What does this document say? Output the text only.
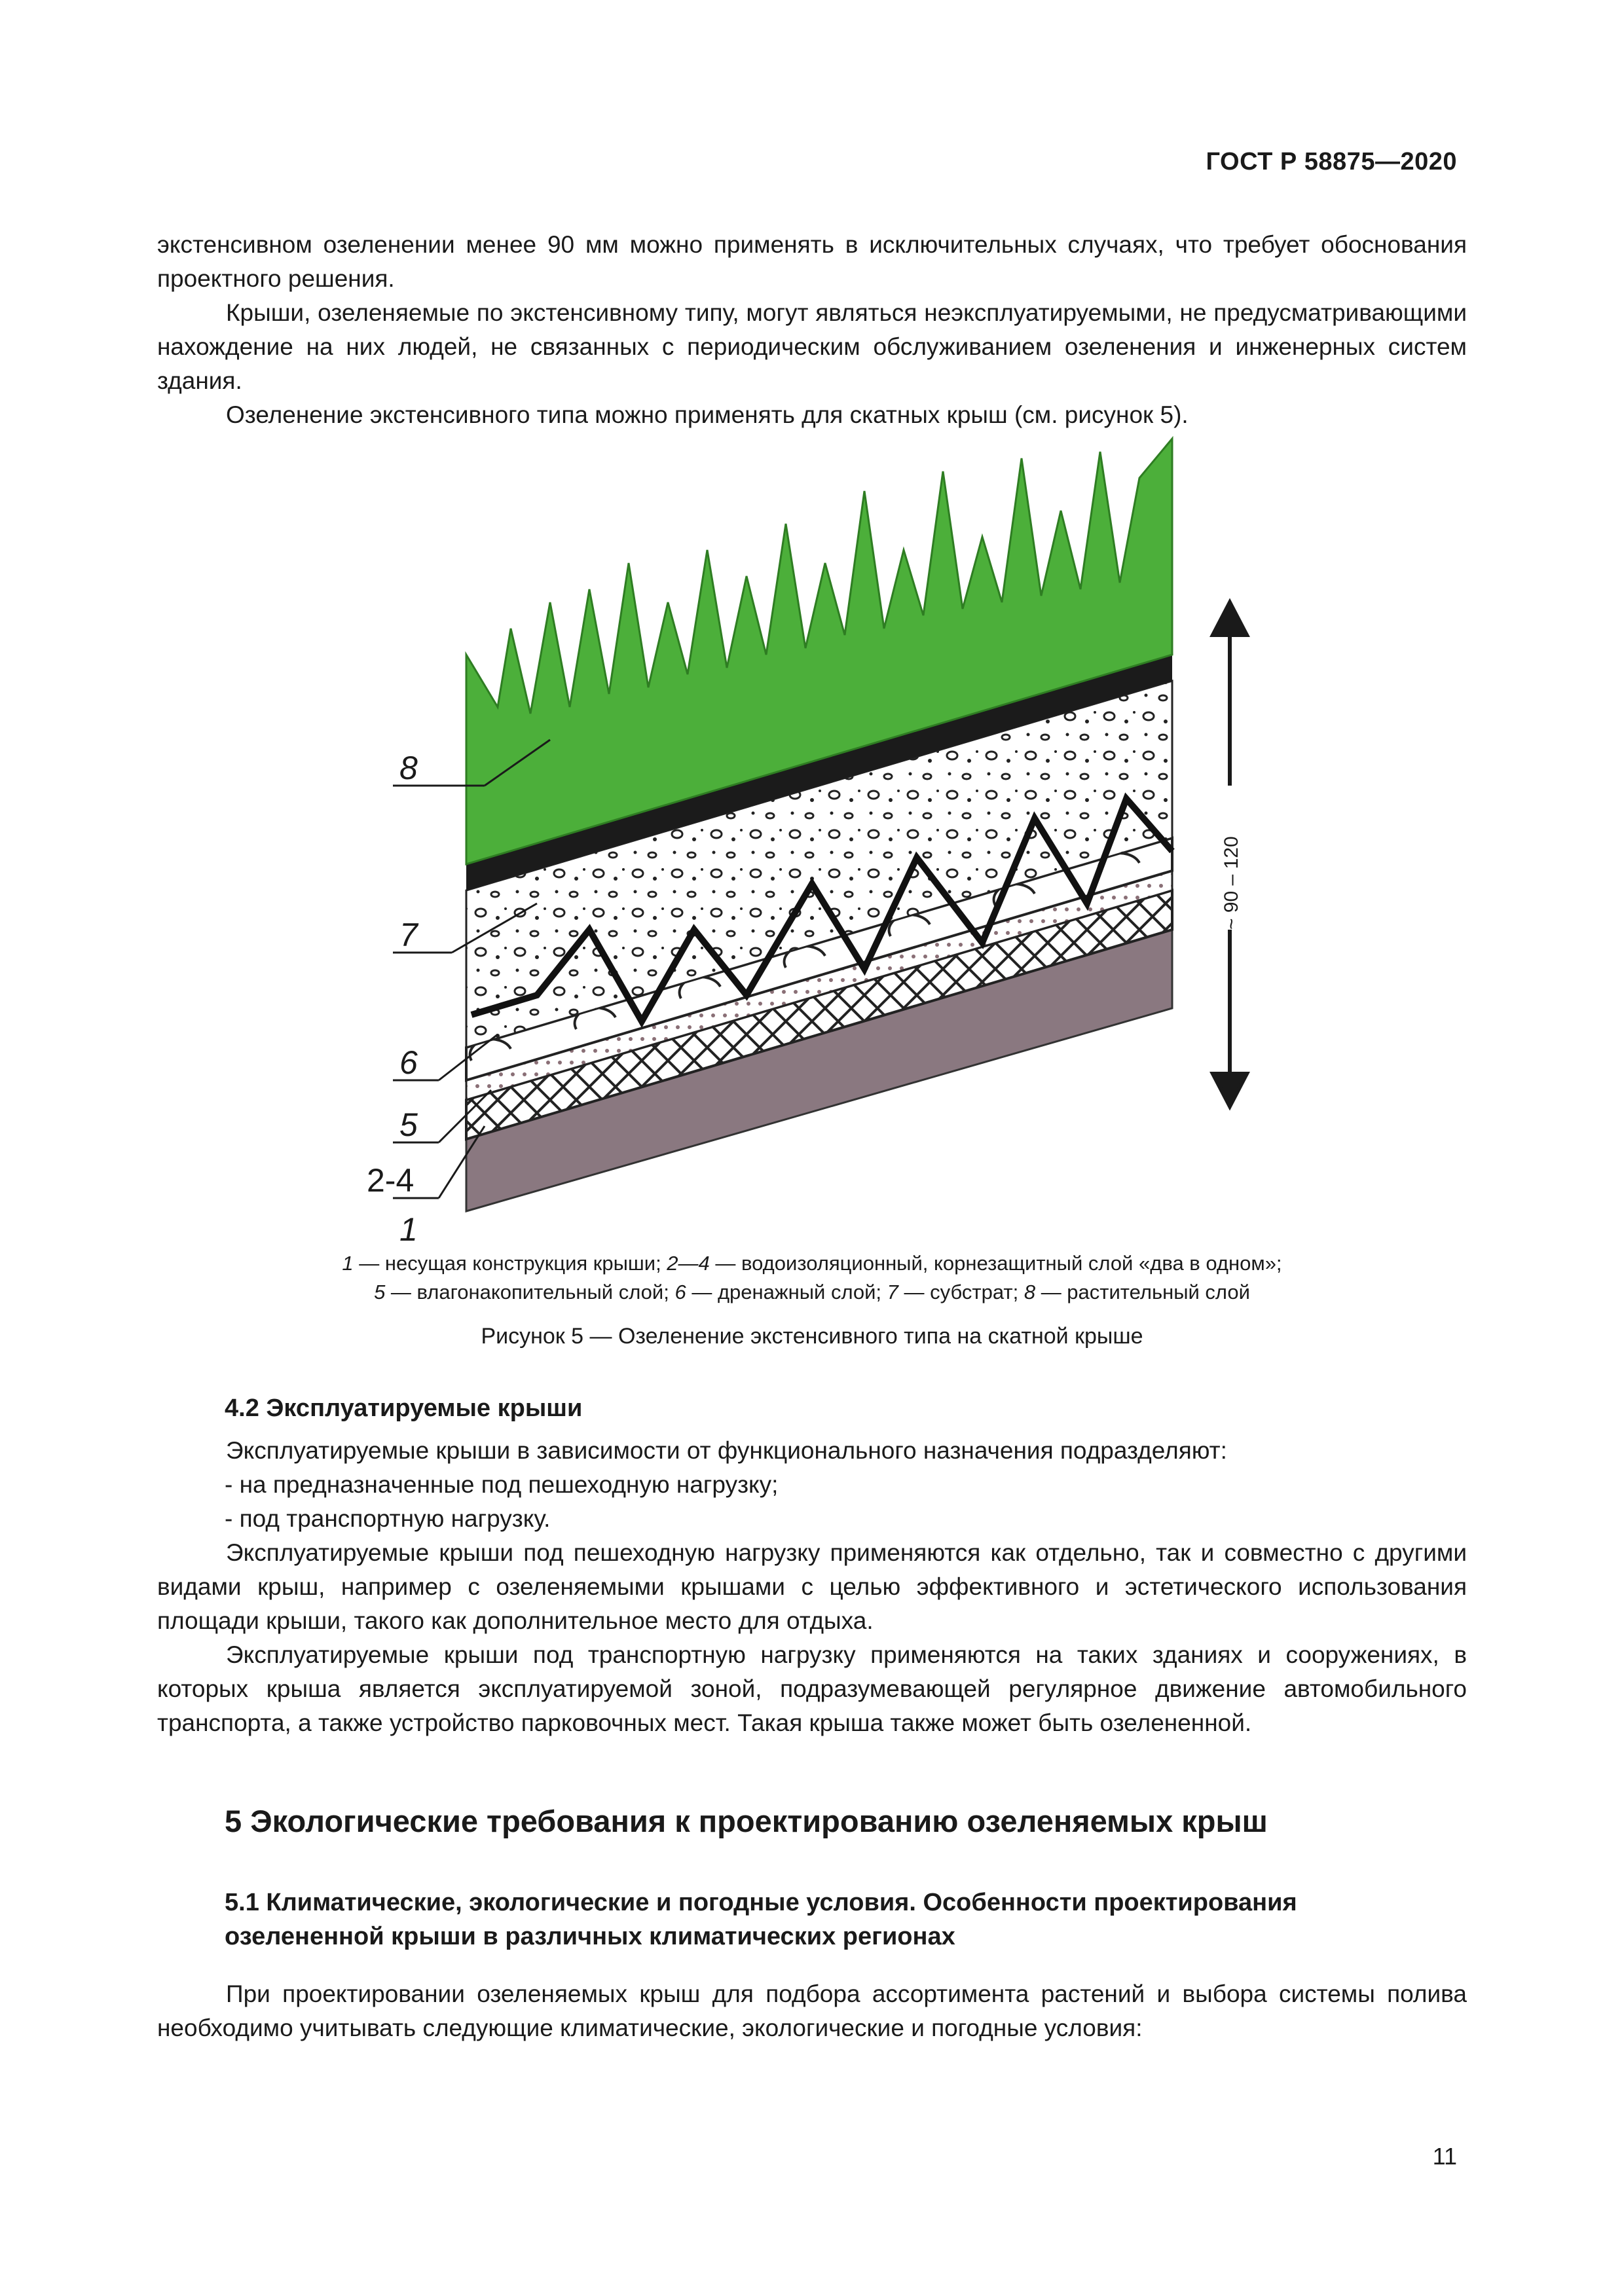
ГОСТ Р 58875—2020

экстенсивном озеленении менее 90 мм можно применять в исключительных случаях, что требует обоснования проектного решения.

Крыши, озеленяемые по экстенсивному типу, могут являться неэксплуатируемыми, не предусматривающими нахождение на них людей, не связанных с периодическим обслуживанием озеленения и инженерных систем здания.

Озеленение экстенсивного типа можно применять для скатных крыш (см. рисунок 5).

~ 90 – 120
8
7
6
5
2-4
1

1 — несущая конструкция крыши; 2—4 — водоизоляционный, корнезащитный слой «два в одном»;

5 — влагонакопительный слой; 6 — дренажный слой; 7 — субстрат; 8 — растительный слой

Рисунок 5 — Озеленение экстенсивного типа на скатной крыше

4.2 Эксплуатируемые крыши

Эксплуатируемые крыши в зависимости от функционального назначения подразделяют:

- на предназначенные под пешеходную нагрузку;

- под транспортную нагрузку.

Эксплуатируемые крыши под пешеходную нагрузку применяются как отдельно, так и совместно с другими видами крыш, например с озеленяемыми крышами с целью эффективного и эстетического использования площади крыши, такого как дополнительное место для отдыха.

Эксплуатируемые крыши под транспортную нагрузку применяются на таких зданиях и сооружениях, в которых крыша является эксплуатируемой зоной, подразумевающей регулярное движение автомобильного транспорта, а также устройство парковочных мест. Такая крыша также может быть озелененной.

5 Экологические требования к проектированию озеленяемых крыш

5.1 Климатические, экологические и погодные условия. Особенности проектирования

озелененной крыши в различных климатических регионах

При проектировании озеленяемых крыш для подбора ассортимента растений и выбора системы полива необходимо учитывать следующие климатические, экологические и погодные условия:

11
